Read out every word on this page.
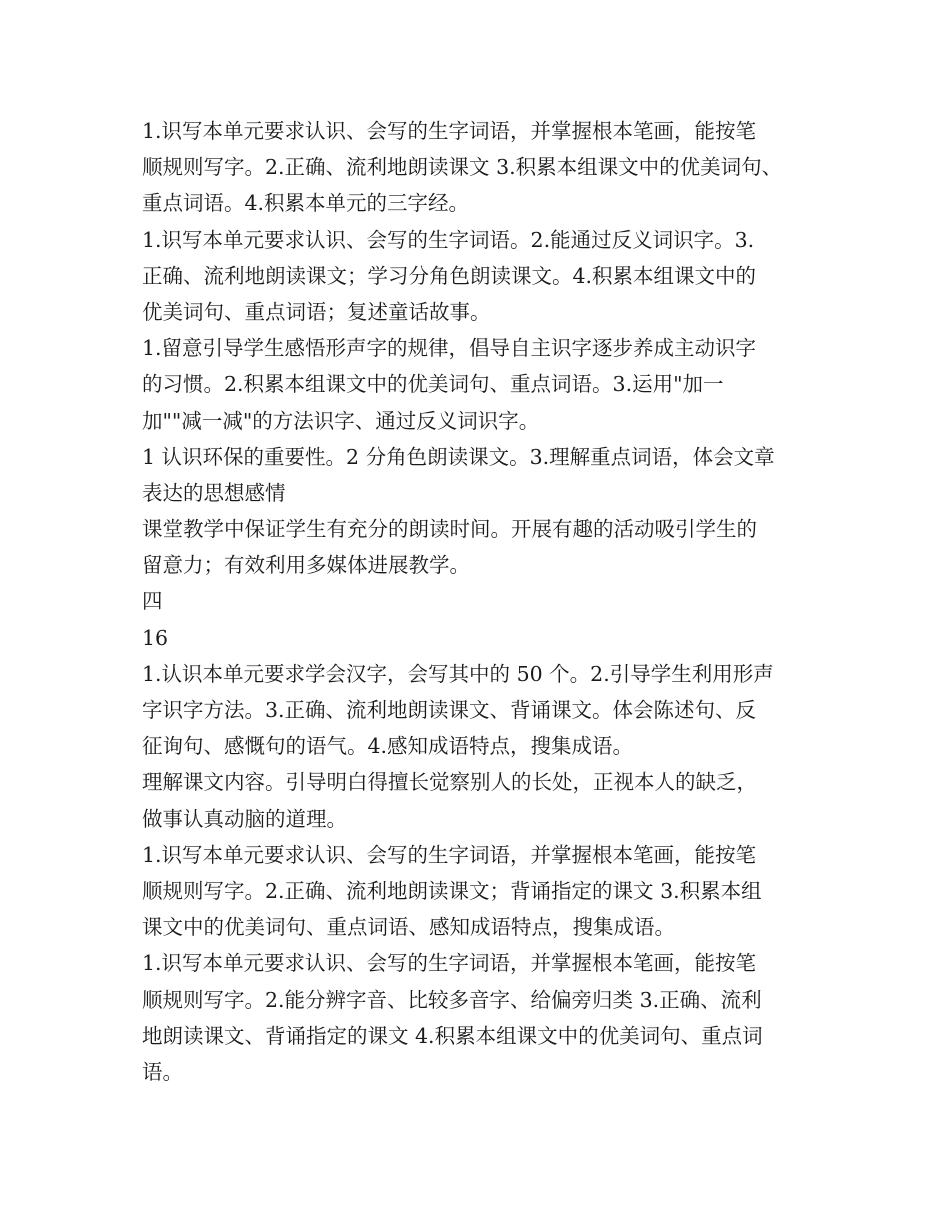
1.识写本单元要求认识、会写的生字词语，并掌握根本笔画，能按笔
顺规则写字。2.正确、流利地朗读课文 3.积累本组课文中的优美词句、
重点词语。4.积累本单元的三字经。
1.识写本单元要求认识、会写的生字词语。2.能通过反义词识字。3.
正确、流利地朗读课文；学习分角色朗读课文。4.积累本组课文中的
优美词句、重点词语；复述童话故事。
1.留意引导学生感悟形声字的规律，倡导自主识字逐步养成主动识字
的习惯。2.积累本组课文中的优美词句、重点词语。3.运用"加一
加""减一减"的方法识字、通过反义词识字。
1 认识环保的重要性。2 分角色朗读课文。3.理解重点词语，体会文章
表达的思想感情
课堂教学中保证学生有充分的朗读时间。开展有趣的活动吸引学生的
留意力；有效利用多媒体进展教学。
四
16
1.认识本单元要求学会汉字，会写其中的 50 个。2.引导学生利用形声
字识字方法。3.正确、流利地朗读课文、背诵课文。体会陈述句、反
征询句、感慨句的语气。4.感知成语特点，搜集成语。
理解课文内容。引导明白得擅长觉察别人的长处，正视本人的缺乏，
做事认真动脑的道理。
1.识写本单元要求认识、会写的生字词语，并掌握根本笔画，能按笔
顺规则写字。2.正确、流利地朗读课文；背诵指定的课文 3.积累本组
课文中的优美词句、重点词语、感知成语特点，搜集成语。
1.识写本单元要求认识、会写的生字词语，并掌握根本笔画，能按笔
顺规则写字。2.能分辨字音、比较多音字、给偏旁归类 3.正确、流利
地朗读课文、背诵指定的课文 4.积累本组课文中的优美词句、重点词
语。
